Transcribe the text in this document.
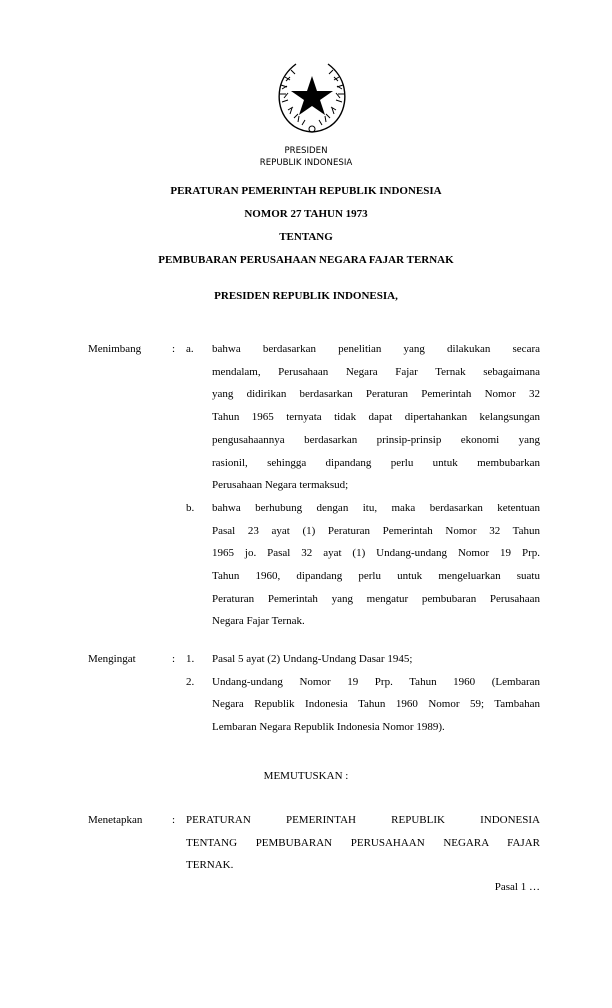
PRESIDEN
REPUBLIK INDONESIA
PERATURAN PEMERINTAH REPUBLIK INDONESIA
NOMOR 27 TAHUN 1973
TENTANG
PEMBUBARAN PERUSAHAAN NEGARA FAJAR TERNAK
PRESIDEN REPUBLIK INDONESIA,
Menimbang	: a. bahwa berdasarkan penelitian yang dilakukan secara
mendalam, Perusahaan Negara Fajar Ternak sebagaimana
yang didirikan berdasarkan Peraturan Pemerintah Nomor 32
Tahun 1965 ternyata tidak dapat dipertahankan kelangsungan
pengusahaannya berdasarkan prinsip-prinsip ekonomi yang
rasionil, sehingga dipandang perlu untuk membubarkan
Perusahaan Negara termaksud;
b. bahwa berhubung dengan itu, maka berdasarkan ketentuan
Pasal 23 ayat (1) Peraturan Pemerintah Nomor 32 Tahun
1965 jo. Pasal 32 ayat (1) Undang-undang Nomor 19 Prp.
Tahun 1960, dipandang perlu untuk mengeluarkan suatu
Peraturan Pemerintah yang mengatur pembubaran Perusahaan
Negara Fajar Ternak.
Mengingat	: 1. Pasal 5 ayat (2) Undang-Undang Dasar 1945;
2. Undang-undang Nomor 19 Prp. Tahun 1960 (Lembaran
Negara Republik Indonesia Tahun 1960 Nomor 59; Tambahan
Lembaran Negara Republik Indonesia Nomor 1989).
MEMUTUSKAN :
Menetapkan	: PERATURAN PEMERINTAH REPUBLIK INDONESIA
TENTANG PEMBUBARAN PERUSAHAAN NEGARA FAJAR
TERNAK.
Pasal 1 …
